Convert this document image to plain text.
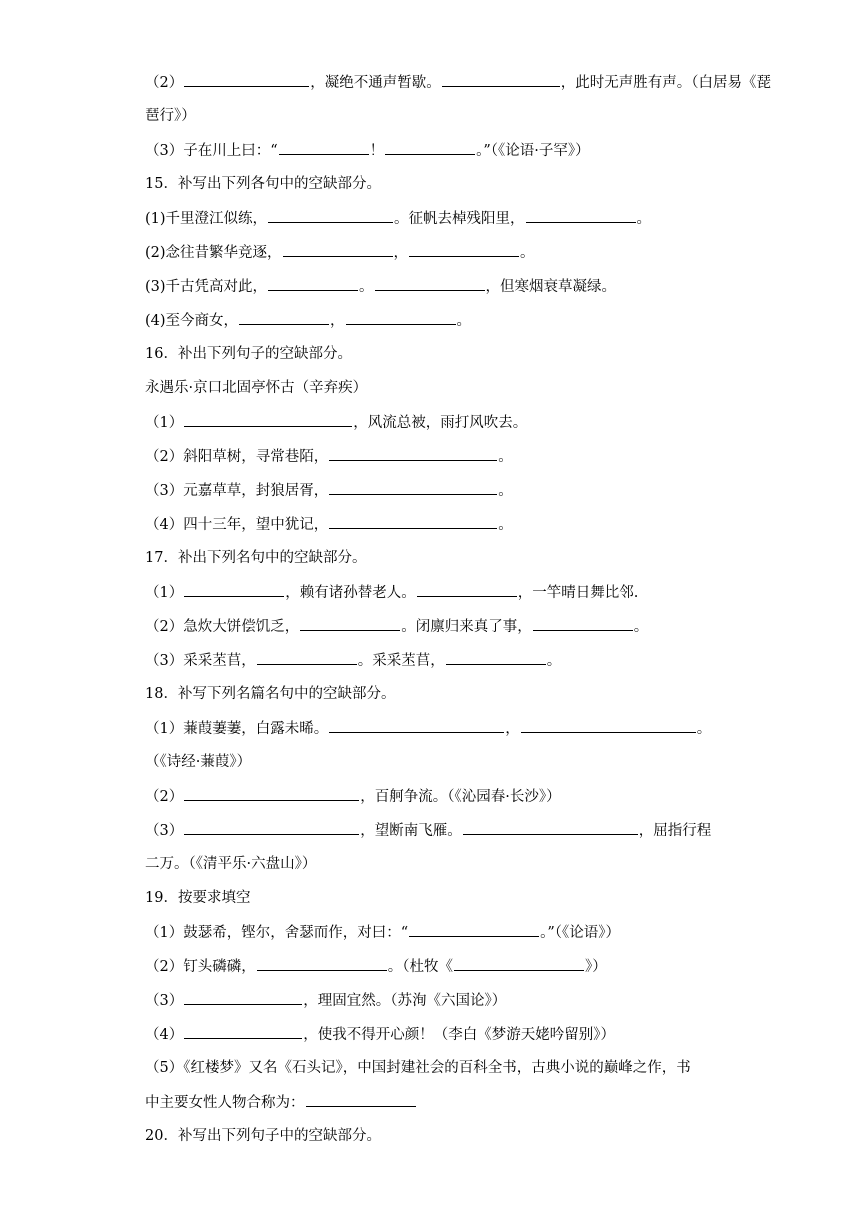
（2）	，凝绝不通声暂歇。	，此时无声胜有声。（白居易《琵
琶行》）
（3）子在川上曰：“	！	。”（《论语·子罕》）
15．补写出下列各句中的空缺部分。
(1)千里澄江似练，	。征帆去棹残阳里，	。
(2)念往昔繁华竞逐，	，	。
(3)千古凭高对此，	。	，但寒烟衰草凝绿。
(4)至今商女，	，	。
16．补出下列句子的空缺部分。
永遇乐·京口北固亭怀古（辛弃疾）
（1）	，风流总被，雨打风吹去。
（2）斜阳草树，寻常巷陌，	。
（3）元嘉草草，封狼居胥，	。
（4）四十三年，望中犹记，	。
17．补出下列名句中的空缺部分。
（1）	，赖有诸孙替老人。	，一竿晴日舞比邻.
（2）急炊大饼偿饥乏，	。闭廪归来真了事，	。
（3）采采苤苢，	。采采苤苢，	。
18．补写下列名篇名句中的空缺部分。
（1）蒹葭萋萋，白露未晞。	，	。
（《诗经·蒹葭》）
（2）	，百舸争流。（《沁园春·长沙》）
（3）	，望断南飞雁。	，屈指行程
二万。（《清平乐·六盘山》）
19．按要求填空
（1）鼓瑟希，铿尔，舍瑟而作，对曰：“	。”（《论语》）
（2）钉头磷磷，	。（杜牧《	》）
（3）	，理固宜然。（苏洵《六国论》）
（4）	，使我不得开心颜！（李白《梦游天姥吟留别》）
（5）《红楼梦》又名《石头记》，中国封建社会的百科全书，古典小说的巅峰之作，书
中主要女性人物合称为：
20．补写出下列句子中的空缺部分。
